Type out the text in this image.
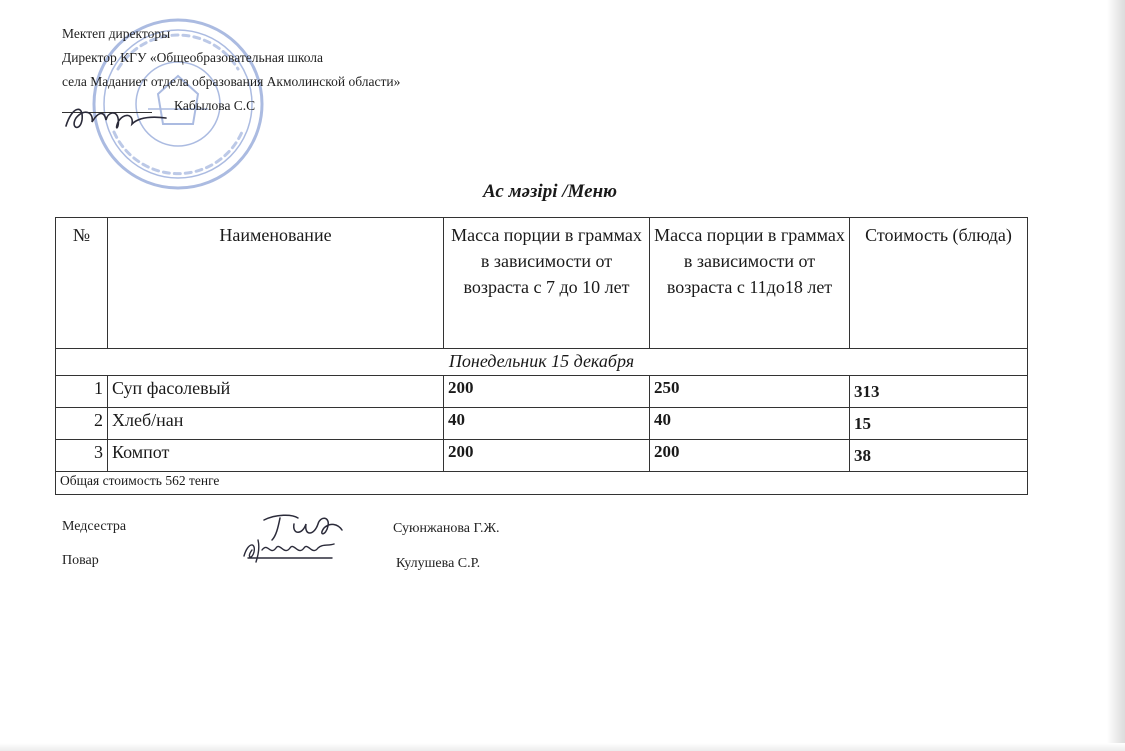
Мектеп директоры
Директор КГУ «Общеобразовательная школа
села Маданиет отдела образования Акмолинской области»
Кабылова С.С
Ас мәзірі /Меню
№	Наименование	Масса порции в граммах в зависимости от возраста с 7 до 10 лет	Масса порции в граммах в зависимости от возраста с 11до18 лет	Стоимость (блюда)
Понедельник 15 декабря				
1	Суп фасолевый	200	250	313
2	Хлеб/нан	40	40	15
3	Компот	200	200	38
Общая стоимость 562 тенге				
Медсестра	Суюнжанова Г.Ж.
Повар	Кулушева С.Р.
